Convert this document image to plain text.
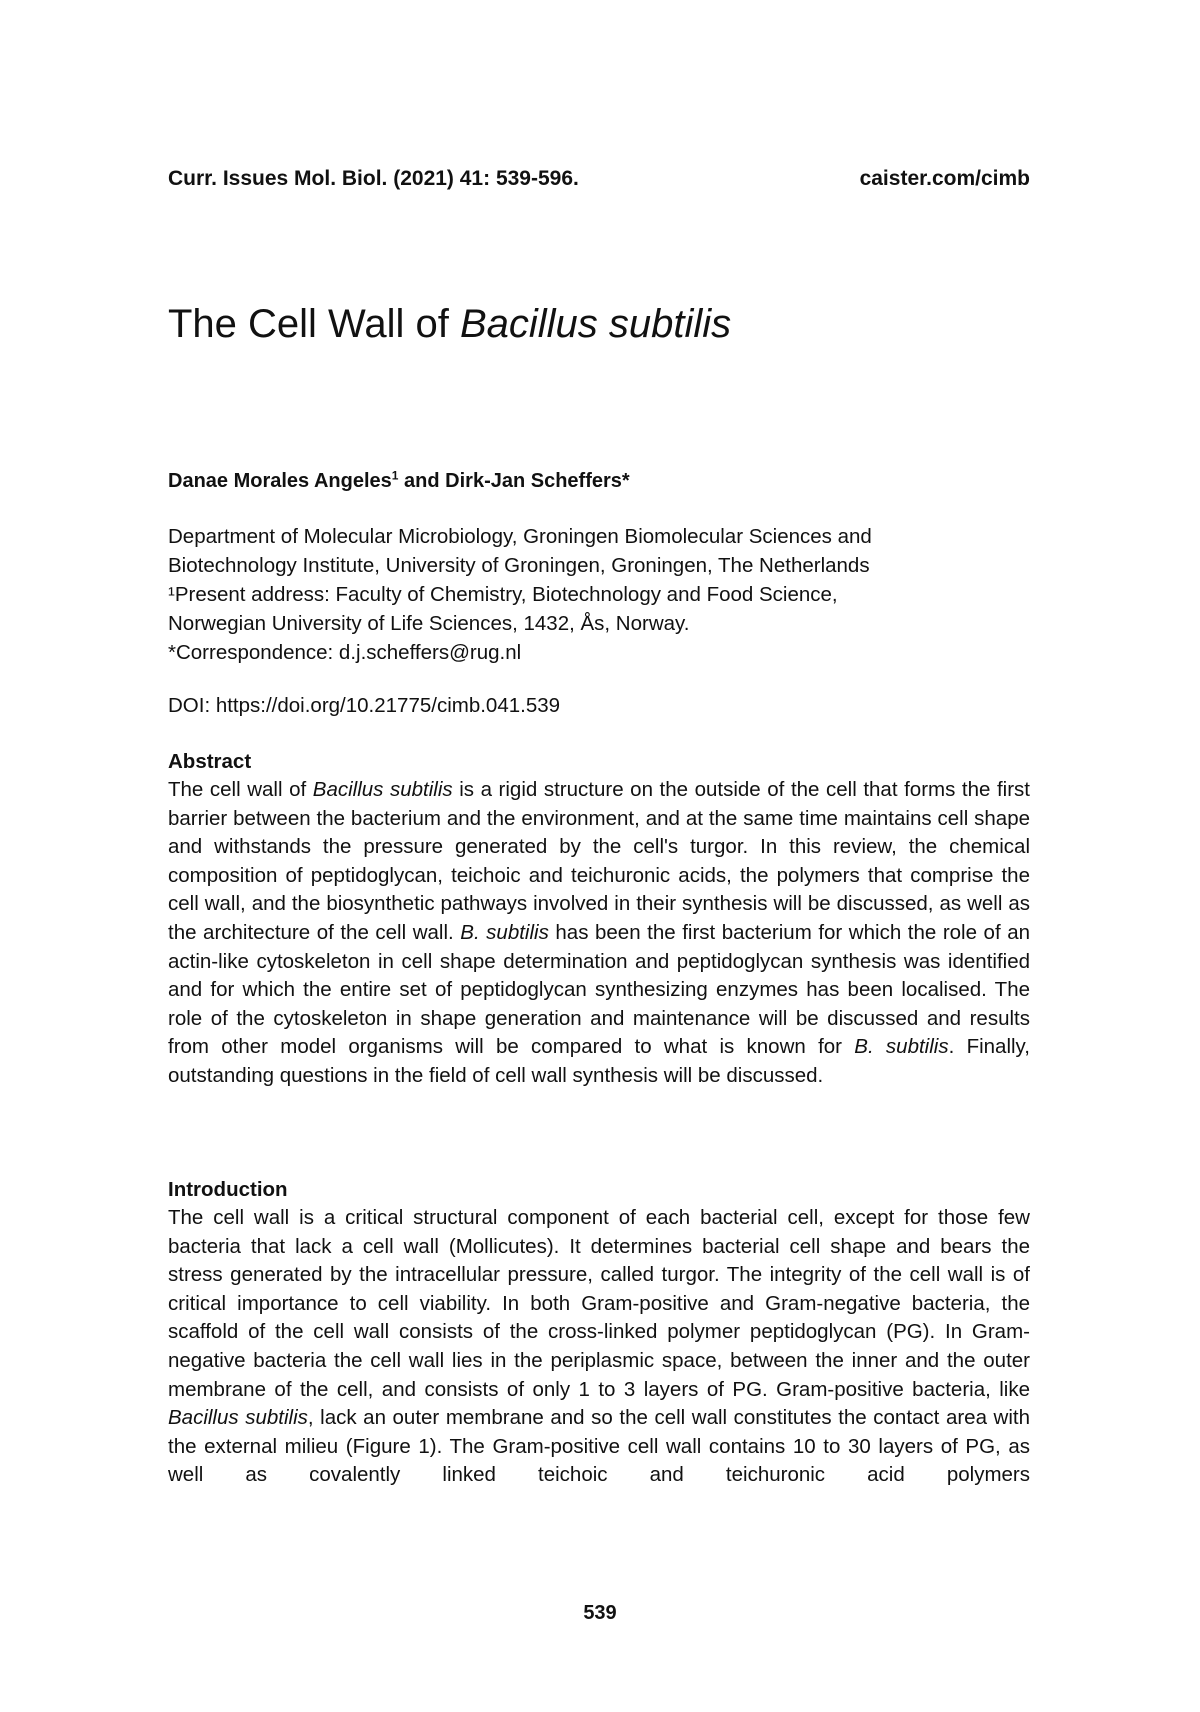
Curr. Issues Mol. Biol. (2021) 41: 539-596.	caister.com/cimb
The Cell Wall of Bacillus subtilis

Danae Morales Angeles$^1$ and Dirk-Jan Scheffers*

Department of Molecular Microbiology, Groningen Biomolecular Sciences and
Biotechnology Institute, University of Groningen, Groningen, The Netherlands
¹Present address: Faculty of Chemistry, Biotechnology and Food Science,
Norwegian University of Life Sciences, 1432, Ås, Norway.
*Correspondence: d.j.scheffers@rug.nl
DOI: https://doi.org/10.21775/cimb.041.539
Abstract

The cell wall of Bacillus subtilis is a rigid structure on the outside of the cell that forms the first barrier between the bacterium and the environment, and at the same time maintains cell shape and withstands the pressure generated by the cell's turgor. In this review, the chemical composition of peptidoglycan, teichoic and teichuronic acids, the polymers that comprise the cell wall, and the biosynthetic pathways involved in their synthesis will be discussed, as well as the architecture of the cell wall. B. subtilis has been the first bacterium for which the role of an actin-like cytoskeleton in cell shape determination and peptidoglycan synthesis was identified and for which the entire set of peptidoglycan synthesizing enzymes has been localised. The role of the cytoskeleton in shape generation and maintenance will be discussed and results from other model organisms will be compared to what is known for B. subtilis. Finally, outstanding questions in the field of cell wall synthesis will be discussed.

Introduction

The cell wall is a critical structural component of each bacterial cell, except for those few bacteria that lack a cell wall (Mollicutes). It determines bacterial cell shape and bears the stress generated by the intracellular pressure, called turgor. The integrity of the cell wall is of critical importance to cell viability. In both Gram-positive and Gram-negative bacteria, the scaffold of the cell wall consists of the cross-linked polymer peptidoglycan (PG). In Gram-negative bacteria the cell wall lies in the periplasmic space, between the inner and the outer membrane of the cell, and consists of only 1 to 3 layers of PG. Gram-positive bacteria, like Bacillus subtilis, lack an outer membrane and so the cell wall constitutes the contact area with the external milieu (Figure 1). The Gram-positive cell wall contains 10 to 30 layers of PG, as well as covalently linked teichoic and teichuronic acid polymers

539
